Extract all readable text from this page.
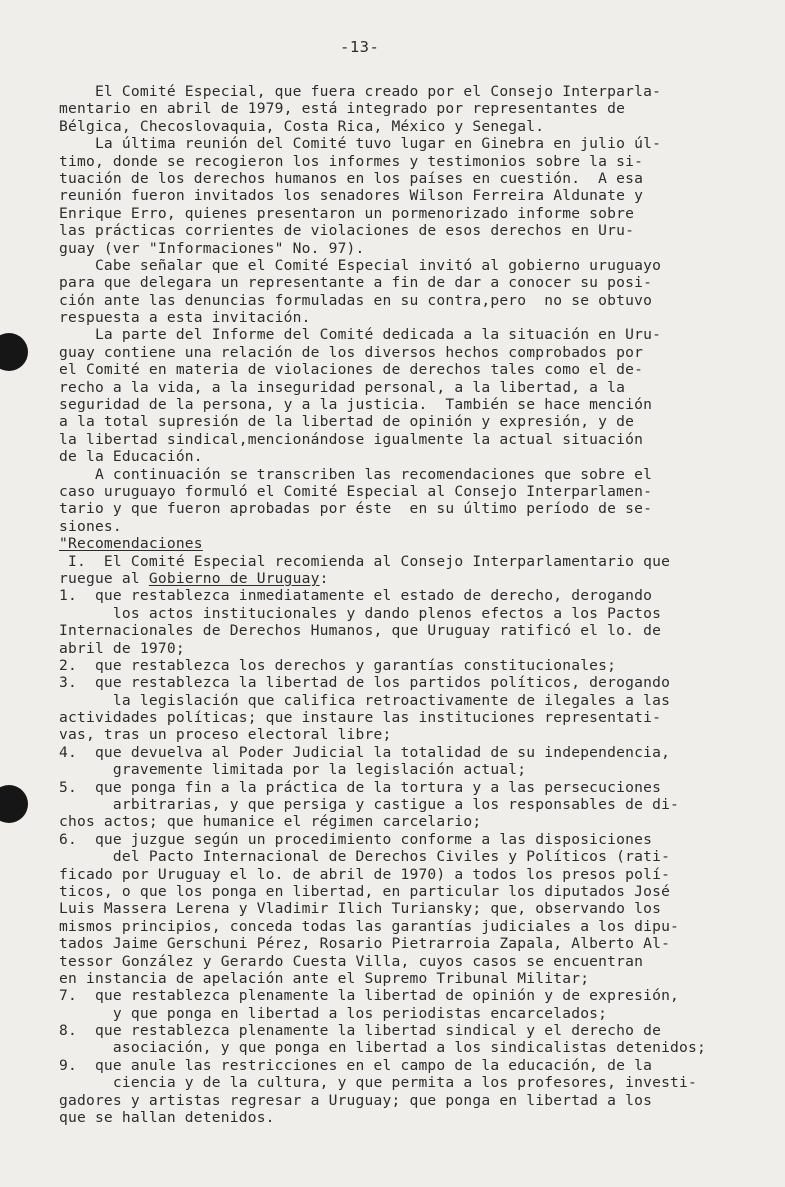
-13-
El Comité Especial, que fuera creado por el Consejo Interparla-
mentario en abril de 1979, está integrado por representantes de
Bélgica, Checoslovaquia, Costa Rica, México y Senegal.
La última reunión del Comité tuvo lugar en Ginebra en julio úl-
timo, donde se recogieron los informes y testimonios sobre la si-
tuación de los derechos humanos en los países en cuestión.  A esa
reunión fueron invitados los senadores Wilson Ferreira Aldunate y
Enrique Erro, quienes presentaron un pormenorizado informe sobre
las prácticas corrientes de violaciones de esos derechos en Uru-
guay (ver "Informaciones" No. 97).
Cabe señalar que el Comité Especial invitó al gobierno uruguayo
para que delegara un representante a fin de dar a conocer su posi-
ción ante las denuncias formuladas en su contra,pero  no se obtuvo
respuesta a esta invitación.
La parte del Informe del Comité dedicada a la situación en Uru-
guay contiene una relación de los diversos hechos comprobados por
el Comité en materia de violaciones de derechos tales como el de-
recho a la vida, a la inseguridad personal, a la libertad, a la
seguridad de la persona, y a la justicia.  También se hace mención
a la total supresión de la libertad de opinión y expresión, y de
la libertad sindical,mencionándose igualmente la actual situación
de la Educación.
A continuación se transcriben las recomendaciones que sobre el
caso uruguayo formuló el Comité Especial al Consejo Interparlamen-
tario y que fueron aprobadas por éste  en su último período de se-
siones.
"Recomendaciones
I.  El Comité Especial recomienda al Consejo Interparlamentario que
ruegue al Gobierno de Uruguay:
1.  que restablezca inmediatamente el estado de derecho, derogando
los actos institucionales y dando plenos efectos a los Pactos
Internacionales de Derechos Humanos, que Uruguay ratificó el lo. de
abril de 1970;
2.  que restablezca los derechos y garantías constitucionales;
3.  que restablezca la libertad de los partidos políticos, derogando
la legislación que califica retroactivamente de ilegales a las
actividades políticas; que instaure las instituciones representati-
vas, tras un proceso electoral libre;
4.  que devuelva al Poder Judicial la totalidad de su independencia,
gravemente limitada por la legislación actual;
5.  que ponga fin a la práctica de la tortura y a las persecuciones
arbitrarias, y que persiga y castigue a los responsables de di-
chos actos; que humanice el régimen carcelario;
6.  que juzgue según un procedimiento conforme a las disposiciones
del Pacto Internacional de Derechos Civiles y Políticos (rati-
ficado por Uruguay el lo. de abril de 1970) a todos los presos polí-
ticos, o que los ponga en libertad, en particular los diputados José
Luis Massera Lerena y Vladimir Ilich Turiansky; que, observando los
mismos principios, conceda todas las garantías judiciales a los dipu-
tados Jaime Gerschuni Pérez, Rosario Pietrarroia Zapala, Alberto Al-
tessor González y Gerardo Cuesta Villa, cuyos casos se encuentran
en instancia de apelación ante el Supremo Tribunal Militar;
7.  que restablezca plenamente la libertad de opinión y de expresión,
y que ponga en libertad a los periodistas encarcelados;
8.  que restablezca plenamente la libertad sindical y el derecho de
asociación, y que ponga en libertad a los sindicalistas detenidos;
9.  que anule las restricciones en el campo de la educación, de la
ciencia y de la cultura, y que permita a los profesores, investi-
gadores y artistas regresar a Uruguay; que ponga en libertad a los
que se hallan detenidos.
